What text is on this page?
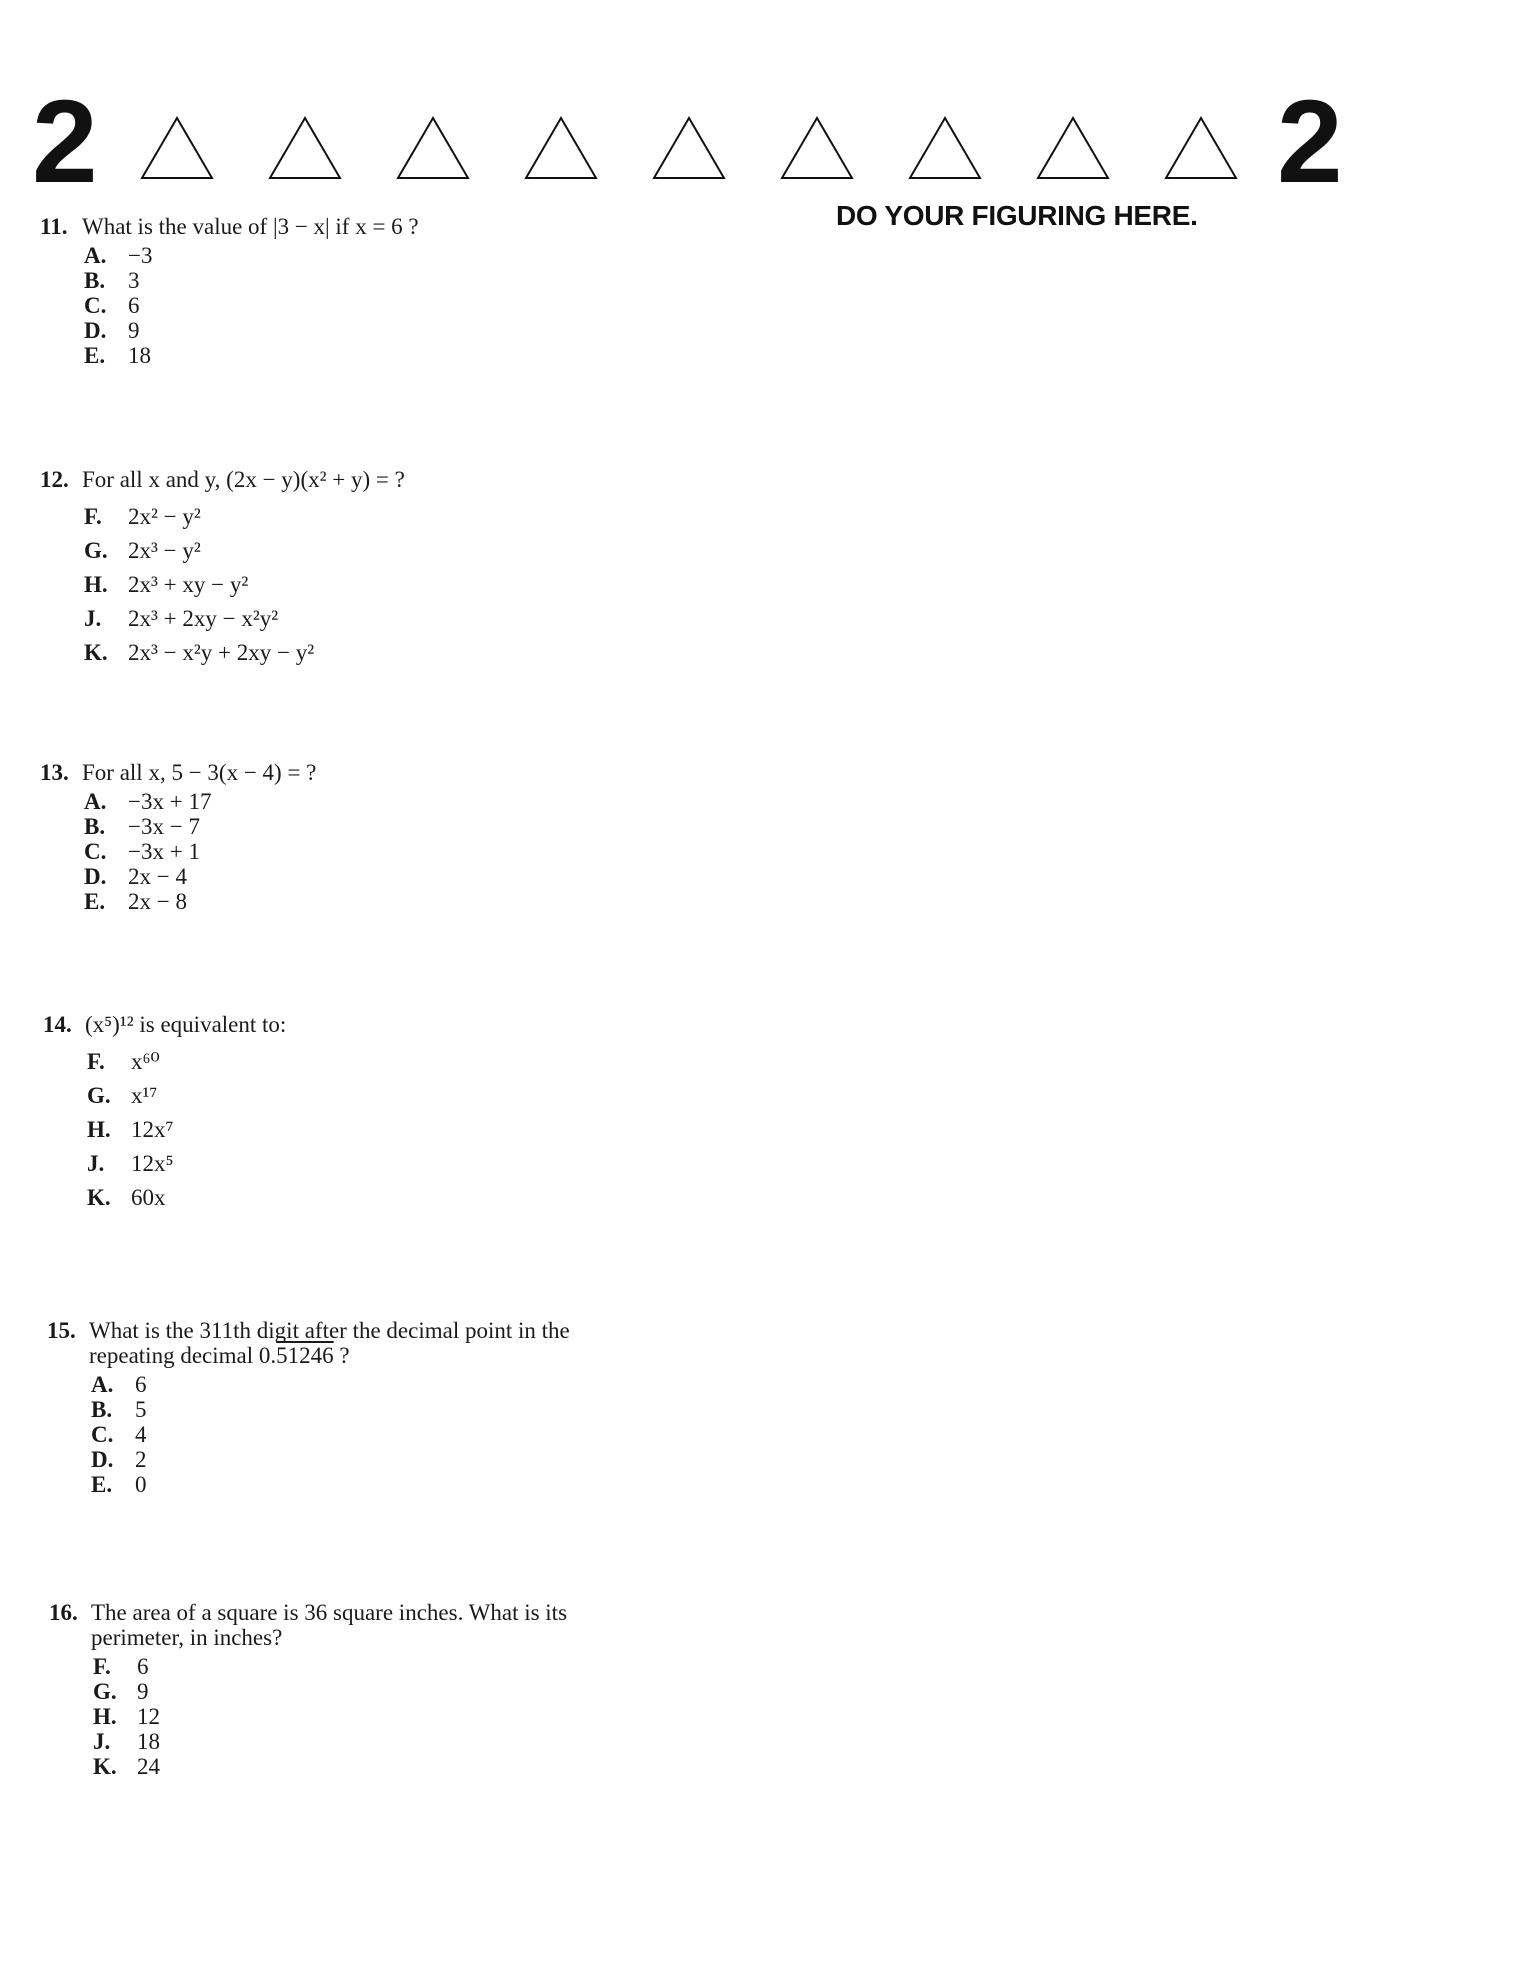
2	2
DO YOUR FIGURING HERE.
11. What is the value of |3 − x| if x = 6 ?
A. −3
B. 3
C. 6
D. 9
E. 18
12. For all x and y, (2x − y)(x² + y) = ?
F.	2x² − y²
G. 2x³ − y²
H. 2x³ + xy − y²
J.	2x³ + 2xy − x²y²
K. 2x³ − x²y + 2xy − y²
13. For all x, 5 − 3(x − 4) = ?
A. −3x + 17
B. −3x − 7
C. −3x + 1
D. 2x − 4
E. 2x − 8
14. (x⁵)¹² is equivalent to:
F.	x⁶⁰
G. x¹⁷
H. 12x⁷
J.	12x⁵
K. 60x
15. What is the 311th digit after the decimal point in the
repeating decimal 0.51246 ?
A. 6
B. 5
C. 4
D. 2
E. 0
16. The area of a square is 36 square inches. What is its
perimeter, in inches?
F.	6
G. 9
H. 12
J.	18
K. 24
